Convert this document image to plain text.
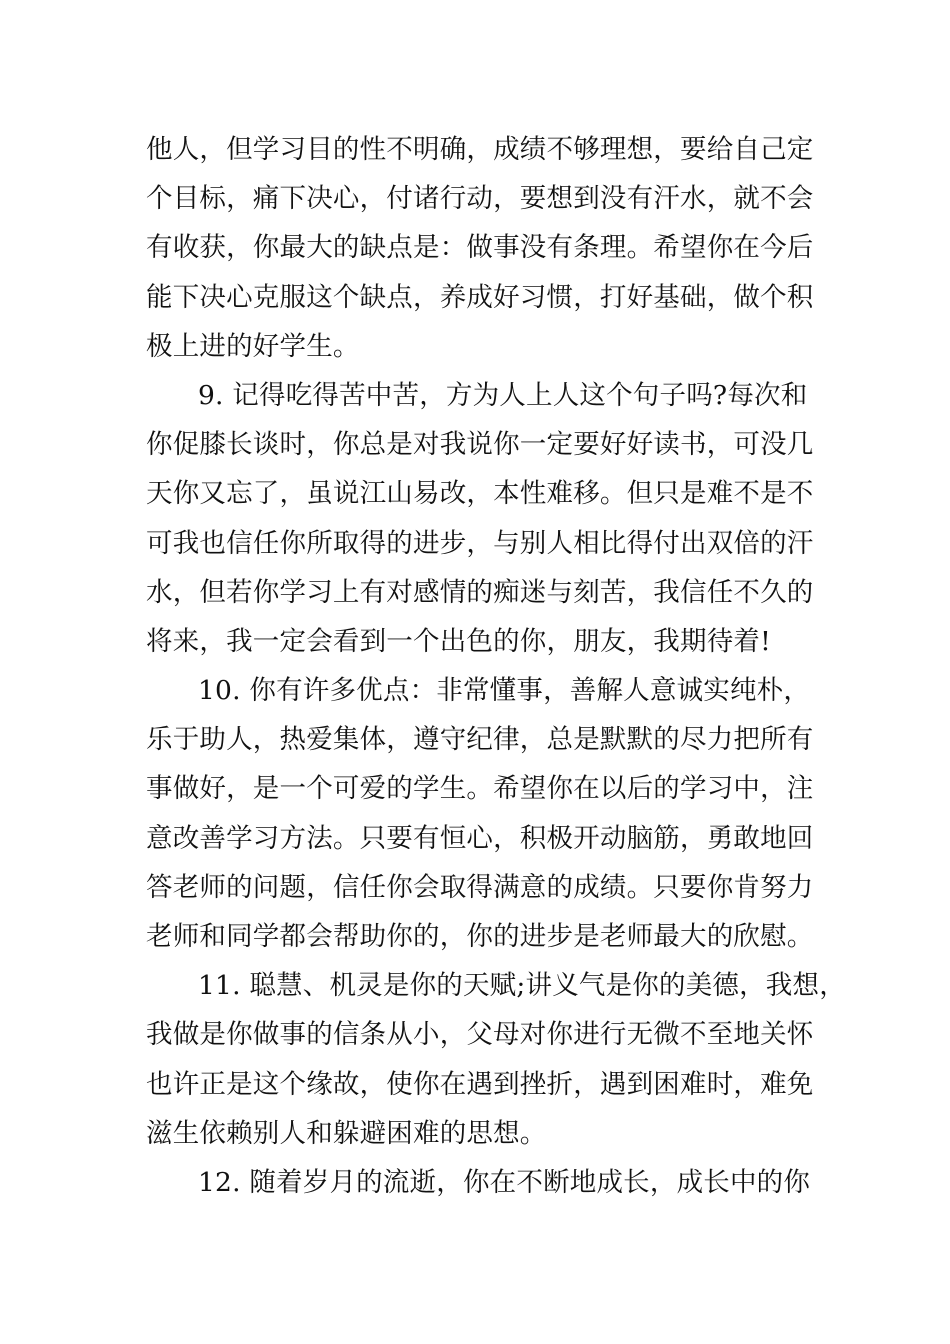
他人，但学习目的性不明确，成绩不够理想，要给自己定
个目标，痛下决心，付诸行动，要想到没有汗水，就不会
有收获，你最大的缺点是：做事没有条理。希望你在今后
能下决心克服这个缺点，养成好习惯，打好基础，做个积
极上进的好学生。
9. 记得吃得苦中苦，方为人上人这个句子吗?每次和
你促膝长谈时，你总是对我说你一定要好好读书，可没几
天你又忘了，虽说江山易改，本性难移。但只是难不是不
可我也信任你所取得的进步，与别人相比得付出双倍的汗
水，但若你学习上有对感情的痴迷与刻苦，我信任不久的
将来，我一定会看到一个出色的你，朋友，我期待着!
10. 你有许多优点：非常懂事，善解人意诚实纯朴，
乐于助人，热爱集体，遵守纪律，总是默默的尽力把所有
事做好，是一个可爱的学生。希望你在以后的学习中，注
意改善学习方法。只要有恒心，积极开动脑筋，勇敢地回
答老师的问题，信任你会取得满意的成绩。只要你肯努力
老师和同学都会帮助你的，你的进步是老师最大的欣慰。
11. 聪慧、机灵是你的天赋;讲义气是你的美德，我想，
我做是你做事的信条从小，父母对你进行无微不至地关怀
也许正是这个缘故，使你在遇到挫折，遇到困难时，难免
滋生依赖别人和躲避困难的思想。
12. 随着岁月的流逝，你在不断地成长，成长中的你
